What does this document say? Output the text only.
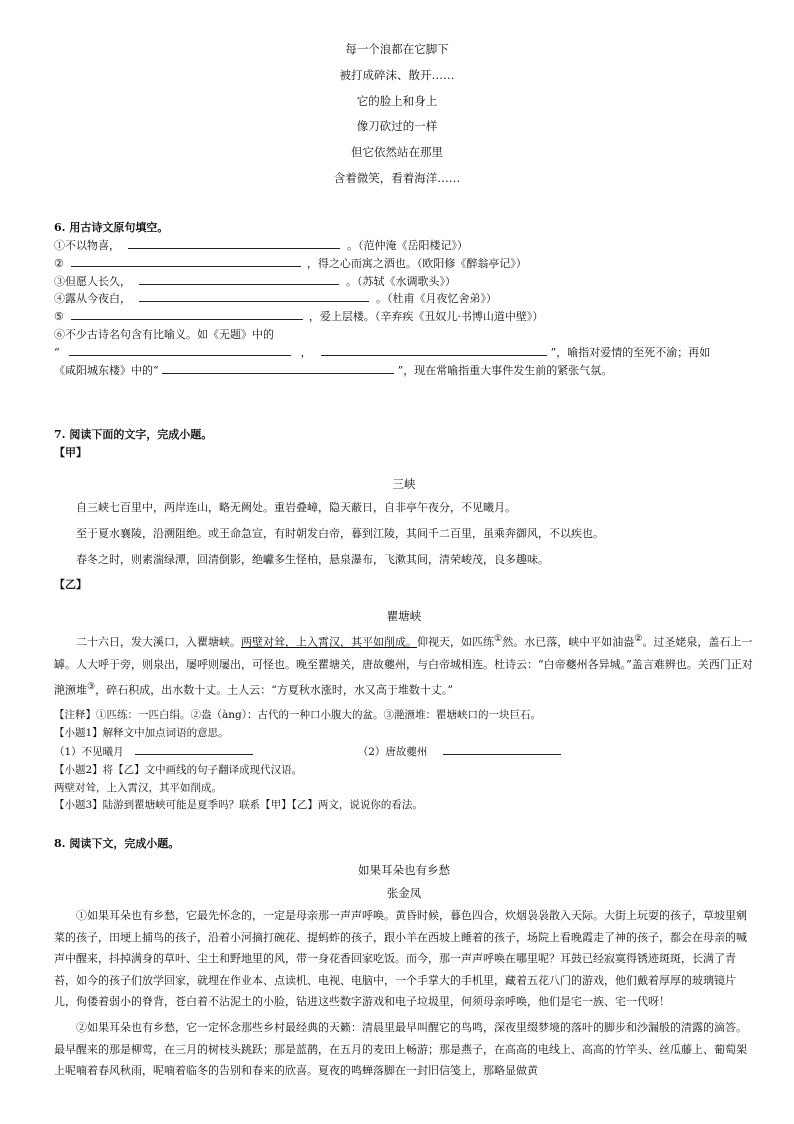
每一个浪都在它脚下
被打成碎沫、散开……
它的脸上和身上
像刀砍过的一样
但它依然站在那里
含着微笑，看着海洋……
6. 用古诗文原句填空。
①不以物喜，	。（范仲淹《岳阳楼记》）
②	，得之心而寓之酒也。（欧阳修《醉翁亭记》）
③但愿人长久，	。（苏轼《水调歌头》）
④露从今夜白，	。（杜甫《月夜忆舍弟》）
⑤	，爱上层楼。（辛弃疾《丑奴儿·书博山道中壁》）
⑥不少古诗名句含有比喻义。如《无题》中的
“	，	”，喻指对爱情的至死不渝；再如
《咸阳城东楼》中的“	”，现在常喻指重大事件发生前的紧张气氛。
7. 阅读下面的文字，完成小题。
【甲】
三峡
自三峡七百里中，两岸连山，略无阙处。重岩叠嶂，隐天蔽日，自非亭午夜分，不见曦月。
至于夏水襄陵，沿溯阻绝。或王命急宣，有时朝发白帝，暮到江陵，其间千二百里，虽乘奔御风，不以疾也。
春冬之时，则素湍绿潭，回清倒影，绝巘多生怪柏，悬泉瀑布，飞漱其间，清荣峻茂，良多趣味。
【乙】
瞿塘峡
二十六日，发大溪口，入瞿塘峡。两壁对耸，上入霄汉，其平如削成。仰视天，如匹练①然。水已落，峡中平如油盎②。过圣姥泉，盖石上一罅。人大呼于旁，则泉出，屡呼则屡出，可怪也。晚至瞿塘关，唐故夔州，与白帝城相连。杜诗云：“白帝夔州各异城。”盖言难辨也。关西门正对滟滪堆③，碎石积成，出水数十丈。土人云：“方夏秋水涨时，水又高于堆数十丈。”
【注释】①匹练：一匹白绢。②盎（àng）：古代的一种口小腹大的盆。③滟滪堆：瞿塘峡口的一块巨石。
【小题1】解释文中加点词语的意思。
（1）不见曦月	（2）唐故夔州
【小题2】将【乙】文中画线的句子翻译成现代汉语。
两壁对耸，上入霄汉，其平如削成。
【小题3】陆游到瞿塘峡可能是夏季吗？联系【甲】【乙】两文，说说你的看法。
8. 阅读下文，完成小题。
如果耳朵也有乡愁
张金凤
①如果耳朵也有乡愁，它最先怀念的，一定是母亲那一声声呼唤。黄昏时候，暮色四合，炊烟袅袅散入天际。大街上玩耍的孩子，草坡里剜菜的孩子，田埂上捕鸟的孩子，沿着小河摘打碗花、提蚂蚱的孩子，跟小羊在西坡上睡着的孩子，场院上看晚霞走了神的孩子，都会在母亲的喊声中醒来，抖掉满身的草叶、尘土和野地里的风，带一身花香回家吃饭。而今，那一声声呼唤在哪里呢？耳鼓已经寂寞得锈迹斑斑，长满了青苔，如今的孩子们放学回家，就埋在作业本、点读机、电视、电脑中，一个手掌大的手机里，藏着五花八门的游戏，他们戴着厚厚的玻璃镜片儿，佝偻着弱小的脊背，苍白着不沾泥土的小脸，钻进这些数字游戏和电子垃圾里，何须母亲呼唤，他们是宅一族、宅一代呀！
②如果耳朵也有乡愁，它一定怀念那些乡村最经典的天籁：清晨里最早叫醒它的鸟鸣，深夜里缀梦境的落叶的脚步和沙漏般的清露的滴答。最早醒来的那是柳莺，在三月的树枝头跳跃；那是蓝鹊，在五月的麦田上畅游；那是燕子，在高高的电线上、高高的竹竿头、丝瓜藤上、葡萄架上呢喃着春风秋雨，呢喃着临冬的告别和春来的欣喜。夏夜的鸣蝉落脚在一封旧信笺上，那略显做黄
